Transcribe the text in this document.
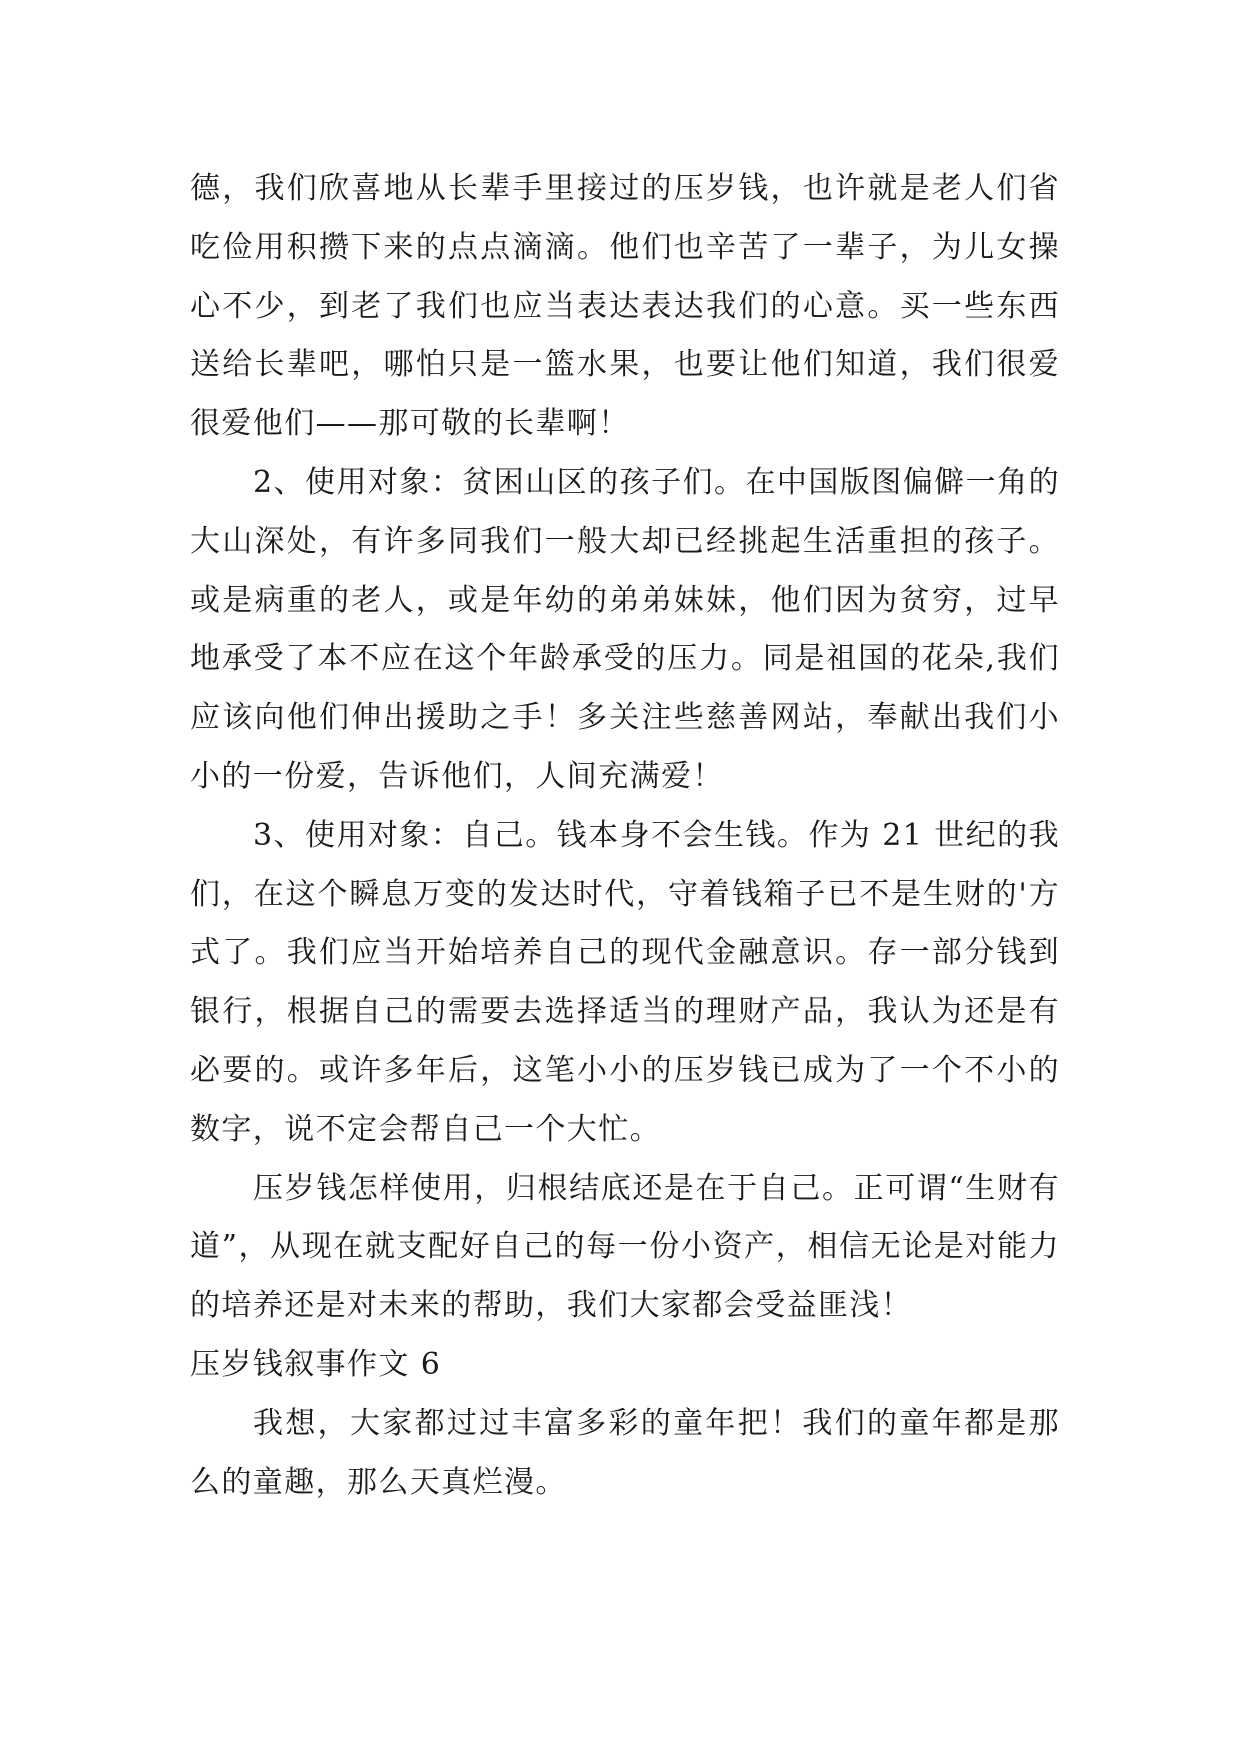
德，我们欣喜地从长辈手里接过的压岁钱，也许就是老人们省吃俭用积攒下来的点点滴滴。他们也辛苦了一辈子，为儿女操心不少，到老了我们也应当表达表达我们的心意。买一些东西送给长辈吧，哪怕只是一篮水果，也要让他们知道，我们很爱很爱他们——那可敬的长辈啊！

2、使用对象：贫困山区的孩子们。在中国版图偏僻一角的大山深处，有许多同我们一般大却已经挑起生活重担的孩子。或是病重的老人，或是年幼的弟弟妹妹，他们因为贫穷，过早地承受了本不应在这个年龄承受的压力。同是祖国的花朵,我们应该向他们伸出援助之手！多关注些慈善网站，奉献出我们小小的一份爱，告诉他们，人间充满爱！

3、使用对象：自己。钱本身不会生钱。作为 21 世纪的我们，在这个瞬息万变的发达时代，守着钱箱子已不是生财的'方式了。我们应当开始培养自己的现代金融意识。存一部分钱到银行，根据自己的需要去选择适当的理财产品，我认为还是有必要的。或许多年后，这笔小小的压岁钱已成为了一个不小的数字，说不定会帮自己一个大忙。

压岁钱怎样使用，归根结底还是在于自己。正可谓“生财有道”，从现在就支配好自己的每一份小资产，相信无论是对能力的培养还是对未来的帮助，我们大家都会受益匪浅！

压岁钱叙事作文 6

我想，大家都过过丰富多彩的童年把！我们的童年都是那么的童趣，那么天真烂漫。
